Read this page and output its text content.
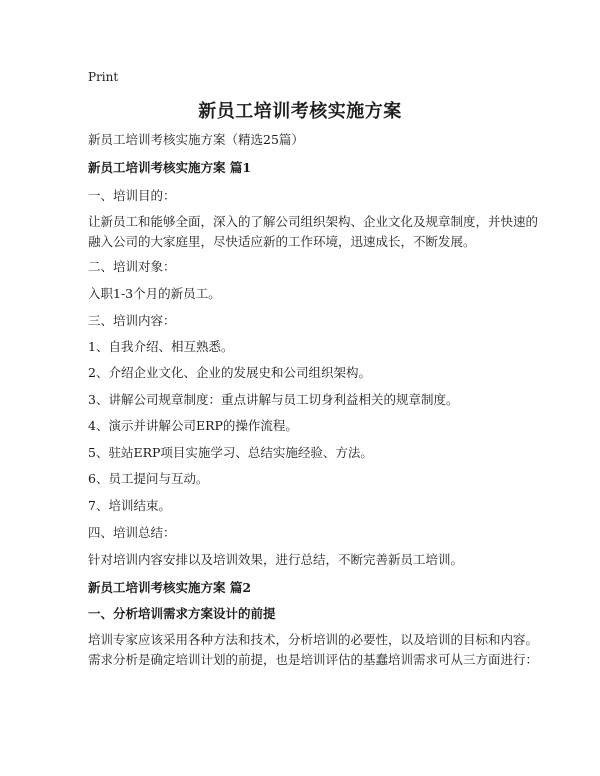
Print
新员工培训考核实施方案
新员工培训考核实施方案（精选25篇）
新员工培训考核实施方案 篇1
一、培训目的：
让新员工和能够全面，深入的了解公司组织架构、企业文化及规章制度，并快速的
融入公司的大家庭里，尽快适应新的工作环境，迅速成长，不断发展。
二、培训对象：
入职1-3个月的新员工。
三、培训内容：
1、自我介绍、相互熟悉。
2、介绍企业文化、企业的发展史和公司组织架构。
3、讲解公司规章制度：重点讲解与员工切身利益相关的规章制度。
4、演示并讲解公司ERP的操作流程。
5、驻站ERP项目实施学习、总结实施经验、方法。
6、员工提问与互动。
7、培训结束。
四、培训总结：
针对培训内容安排以及培训效果，进行总结，不断完善新员工培训。
新员工培训考核实施方案 篇2
一、分析培训需求方案设计的前提
培训专家应该采用各种方法和技术，分析培训的必要性，以及培训的目标和内容。
需求分析是确定培训计划的前提，也是培训评估的基蠢培训需求可从三方面进行：
